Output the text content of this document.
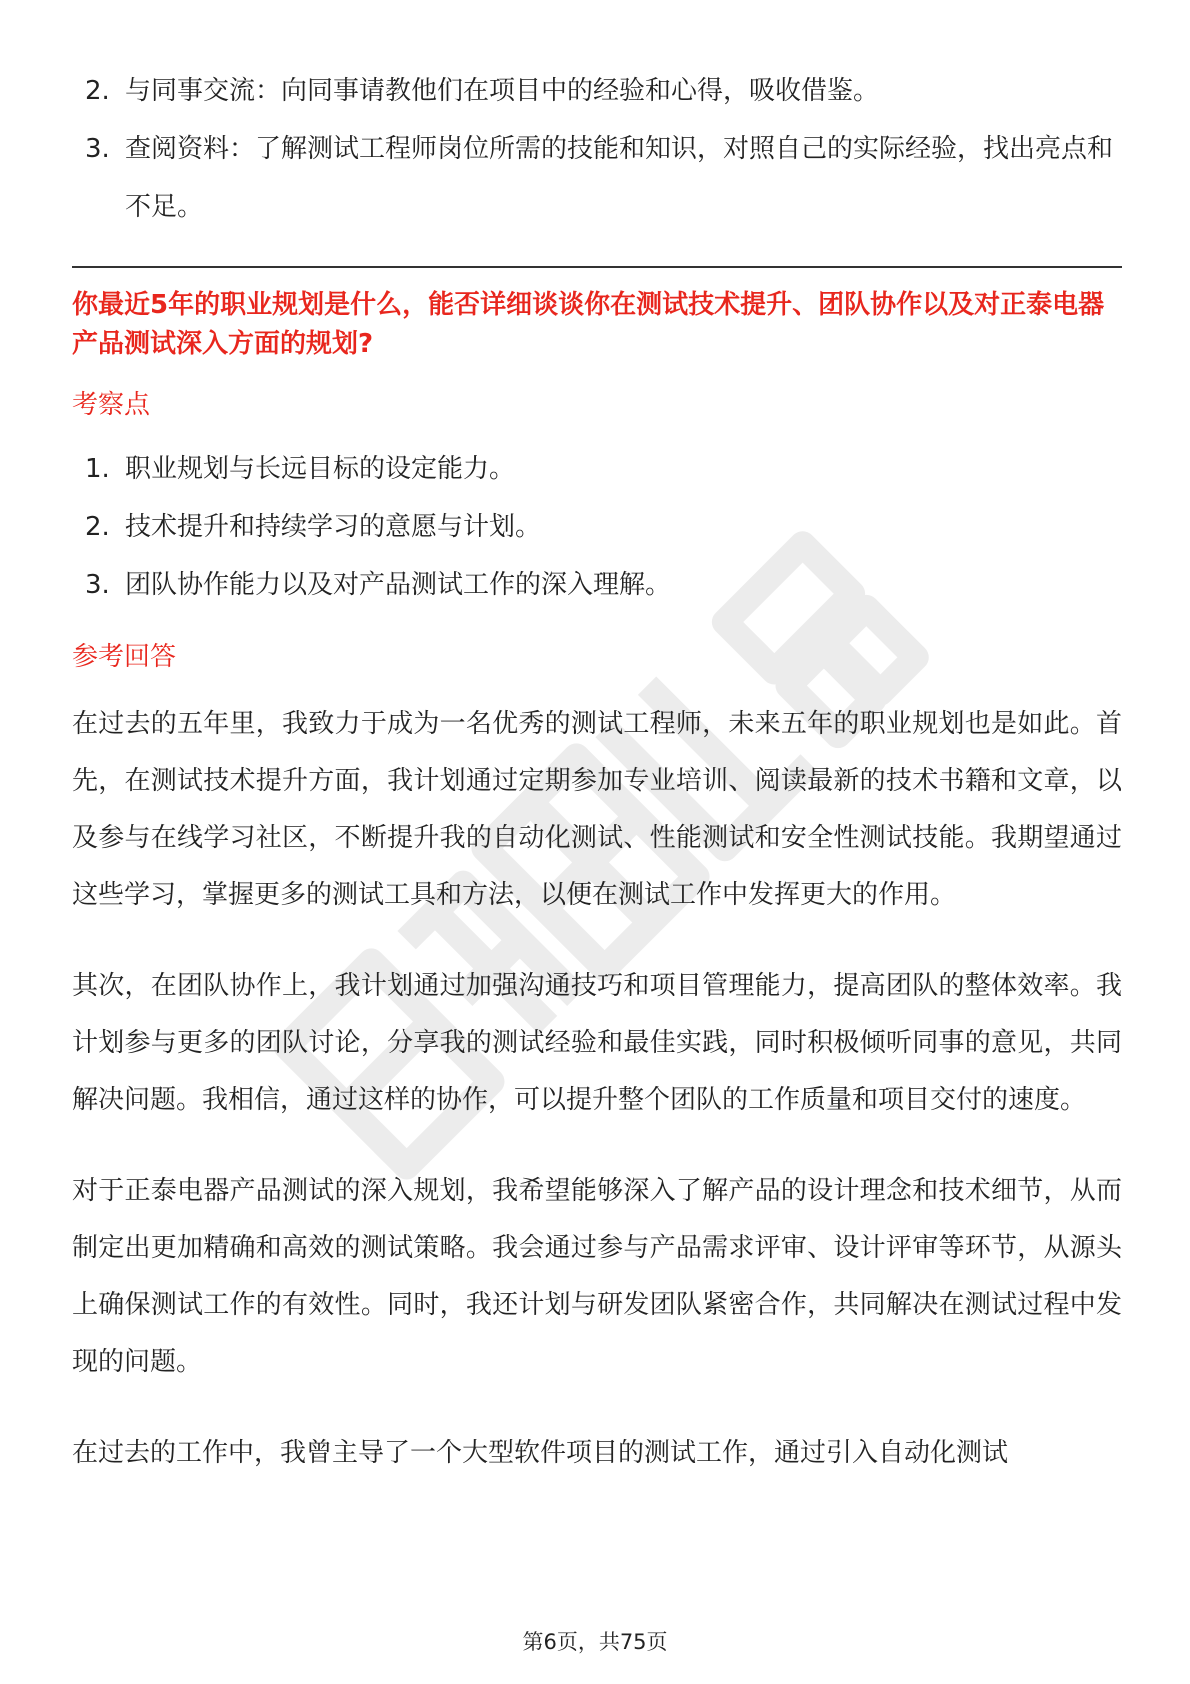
2. 与同事交流：向同事请教他们在项目中的经验和心得，吸收借鉴。
3. 查阅资料：了解测试工程师岗位所需的技能和知识，对照自己的实际经验，找出亮点和不足。

你最近5年的职业规划是什么，能否详细谈谈你在测试技术提升、团队协作以及对正泰电器产品测试深入方面的规划?

考察点
1. 职业规划与长远目标的设定能力。
2. 技术提升和持续学习的意愿与计划。
3. 团队协作能力以及对产品测试工作的深入理解。
参考回答

在过去的五年里，我致力于成为一名优秀的测试工程师，未来五年的职业规划也是如此。首先，在测试技术提升方面，我计划通过定期参加专业培训、阅读最新的技术书籍和文章，以及参与在线学习社区，不断提升我的自动化测试、性能测试和安全性测试技能。我期望通过这些学习，掌握更多的测试工具和方法，以便在测试工作中发挥更大的作用。

其次，在团队协作上，我计划通过加强沟通技巧和项目管理能力，提高团队的整体效率。我计划参与更多的团队讨论，分享我的测试经验和最佳实践，同时积极倾听同事的意见，共同解决问题。我相信，通过这样的协作，可以提升整个团队的工作质量和项目交付的速度。

对于正泰电器产品测试的深入规划，我希望能够深入了解产品的设计理念和技术细节，从而制定出更加精确和高效的测试策略。我会通过参与产品需求评审、设计评审等环节，从源头上确保测试工作的有效性。同时，我还计划与研发团队紧密合作，共同解决在测试过程中发现的问题。

在过去的工作中，我曾主导了一个大型软件项目的测试工作，通过引入自动化测试

第6页，共75页
